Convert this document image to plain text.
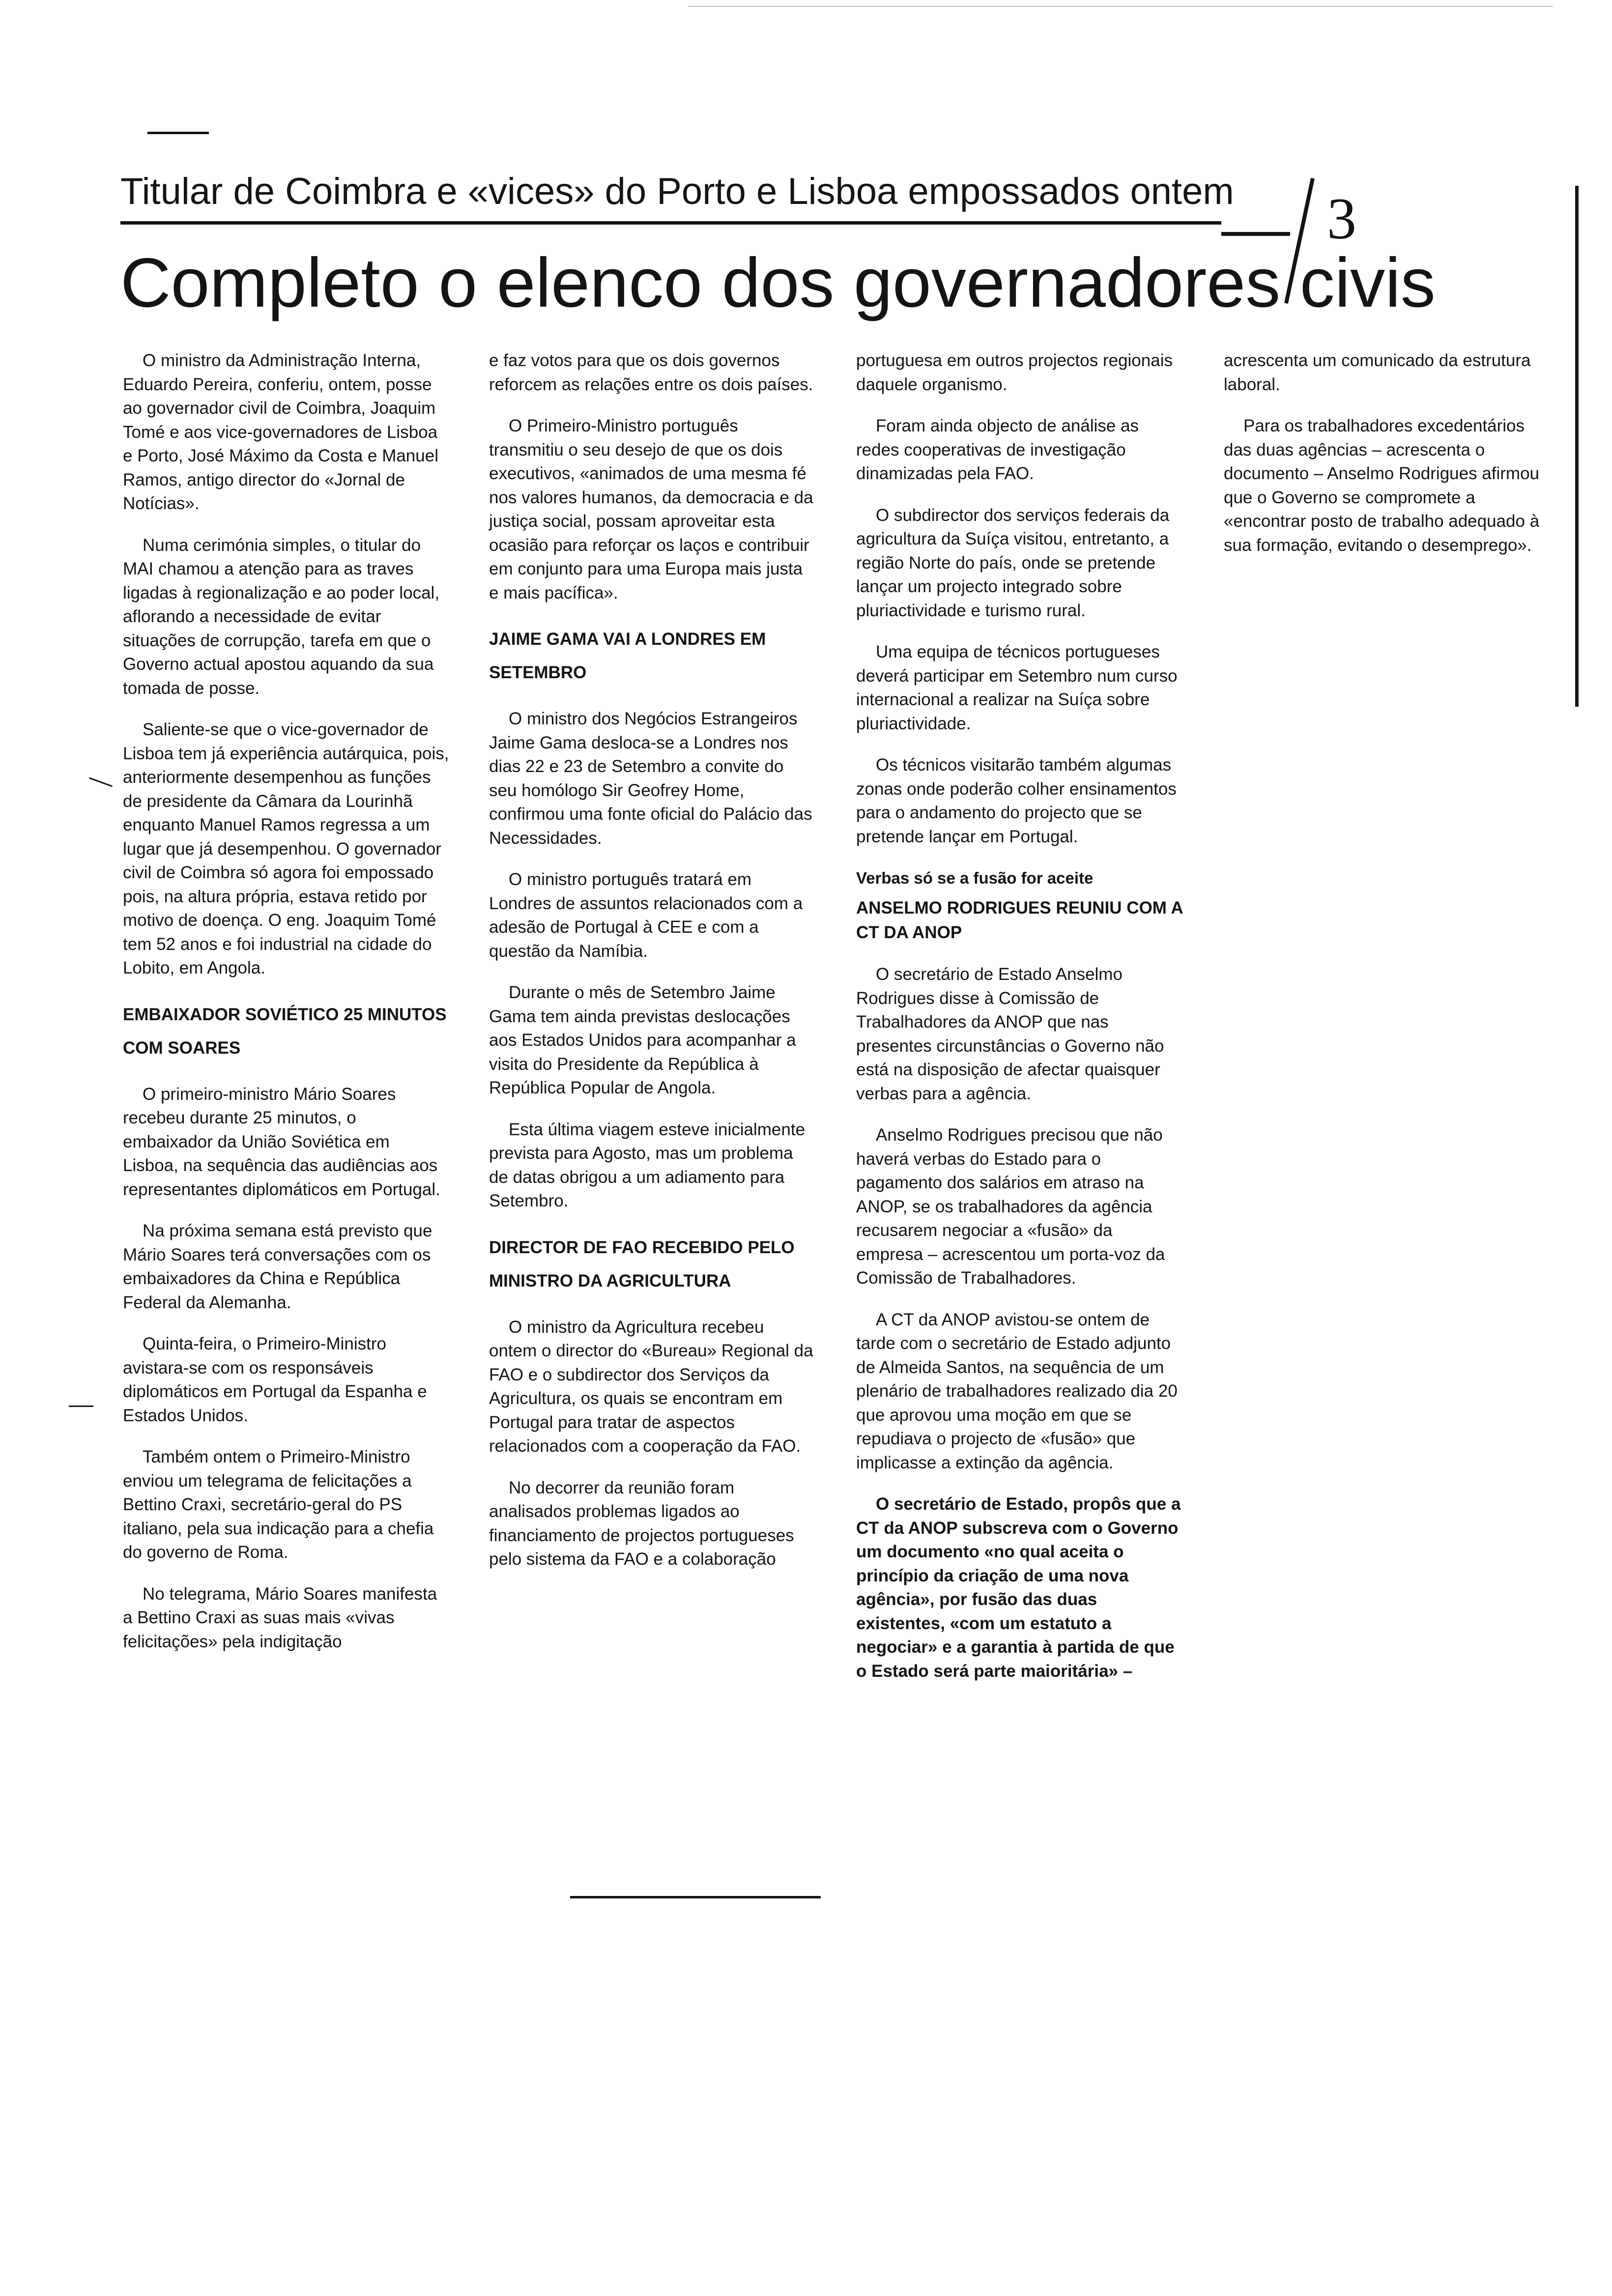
Titular de Coimbra e «vices» do Porto e Lisboa empossados ontem 3
Completo o elenco dos governadores civis

O ministro da Administração Interna, Eduardo Pereira, conferiu, ontem, posse ao governador civil de Coimbra, Joaquim Tomé e aos vice-governadores de Lisboa e Porto, José Máximo da Costa e Manuel Ramos, antigo director do «Jornal de Notícias».

Numa cerimónia simples, o titular do MAI chamou a atenção para as traves ligadas à regionalização e ao poder local, aflorando a necessidade de evitar situações de corrupção, tarefa em que o Governo actual apostou aquando da sua tomada de posse.

Saliente-se que o vice-governador de Lisboa tem já experiência autárquica, pois, anteriormente desempenhou as funções de presidente da Câmara da Lourinhã enquanto Manuel Ramos regressa a um lugar que já desempenhou. O governador civil de Coimbra só agora foi empossado pois, na altura própria, estava retido por motivo de doença. O eng. Joaquim Tomé tem 52 anos e foi industrial na cidade do Lobito, em Angola.

EMBAIXADOR SOVIÉTICO 25 MINUTOS COM SOARES

O primeiro-ministro Mário Soares recebeu durante 25 minutos, o embaixador da União Soviética em Lisboa, na sequência das audiências aos representantes diplomáticos em Portugal.

Na próxima semana está previsto que Mário Soares terá conversações com os embaixadores da China e República Federal da Alemanha.

Quinta-feira, o Primeiro-Ministro avistara-se com os responsáveis diplomáticos em Portugal da Espanha e Estados Unidos.

Também ontem o Primeiro-Ministro enviou um telegrama de felicitações a Bettino Craxi, secretário-geral do PS italiano, pela sua indicação para a chefia do governo de Roma.

No telegrama, Mário Soares manifesta a Bettino Craxi as suas mais «vivas felicitações» pela indigitação

e faz votos para que os dois governos reforcem as relações entre os dois países.

O Primeiro-Ministro português transmitiu o seu desejo de que os dois executivos, «animados de uma mesma fé nos valores humanos, da democracia e da justiça social, possam aproveitar esta ocasião para reforçar os laços e contribuir em conjunto para uma Europa mais justa e mais pacífica».

JAIME GAMA VAI A LONDRES EM SETEMBRO

O ministro dos Negócios Estrangeiros Jaime Gama desloca-se a Londres nos dias 22 e 23 de Setembro a convite do seu homólogo Sir Geofrey Home, confirmou uma fonte oficial do Palácio das Necessidades.

O ministro português tratará em Londres de assuntos relacionados com a adesão de Portugal à CEE e com a questão da Namíbia.

Durante o mês de Setembro Jaime Gama tem ainda previstas deslocações aos Estados Unidos para acompanhar a visita do Presidente da República à República Popular de Angola.

Esta última viagem esteve inicialmente prevista para Agosto, mas um problema de datas obrigou a um adiamento para Setembro.

DIRECTOR DE FAO RECEBIDO PELO MINISTRO DA AGRICULTURA

O ministro da Agricultura recebeu ontem o director do «Bureau» Regional da FAO e o subdirector dos Serviços da Agricultura, os quais se encontram em Portugal para tratar de aspectos relacionados com a cooperação da FAO.

No decorrer da reunião foram analisados problemas ligados ao financiamento de projectos portugueses pelo sistema da FAO e a colaboração

portuguesa em outros projectos regionais daquele organismo.

Foram ainda objecto de análise as redes cooperativas de investigação dinamizadas pela FAO.

O subdirector dos serviços federais da agricultura da Suíça visitou, entretanto, a região Norte do país, onde se pretende lançar um projecto integrado sobre pluriactividade e turismo rural.

Uma equipa de técnicos portugueses deverá participar em Setembro num curso internacional a realizar na Suíça sobre pluriactividade.

Os técnicos visitarão também algumas zonas onde poderão colher ensinamentos para o andamento do projecto que se pretende lançar em Portugal.

Verbas só se a fusão for aceite
ANSELMO RODRIGUES REUNIU COM A CT DA ANOP

O secretário de Estado Anselmo Rodrigues disse à Comissão de Trabalhadores da ANOP que nas presentes circunstâncias o Governo não está na disposição de afectar quaisquer verbas para a agência.

Anselmo Rodrigues precisou que não haverá verbas do Estado para o pagamento dos salários em atraso na ANOP, se os trabalhadores da agência recusarem negociar a «fusão» da empresa – acrescentou um porta-voz da Comissão de Trabalhadores.

A CT da ANOP avistou-se ontem de tarde com o secretário de Estado adjunto de Almeida Santos, na sequência de um plenário de trabalhadores realizado dia 20 que aprovou uma moção em que se repudiava o projecto de «fusão» que implicasse a extinção da agência.

O secretário de Estado, propôs que a CT da ANOP subscreva com o Governo um documento «no qual aceita o princípio da criação de uma nova agência», por fusão das duas existentes, «com um estatuto a negociar» e a garantia à partida de que o Estado será parte maioritária» –

acrescenta um comunicado da estrutura laboral.

Para os trabalhadores excedentários das duas agências – acrescenta o documento – Anselmo Rodrigues afirmou que o Governo se compromete a «encontrar posto de trabalho adequado à sua formação, evitando o desemprego».
